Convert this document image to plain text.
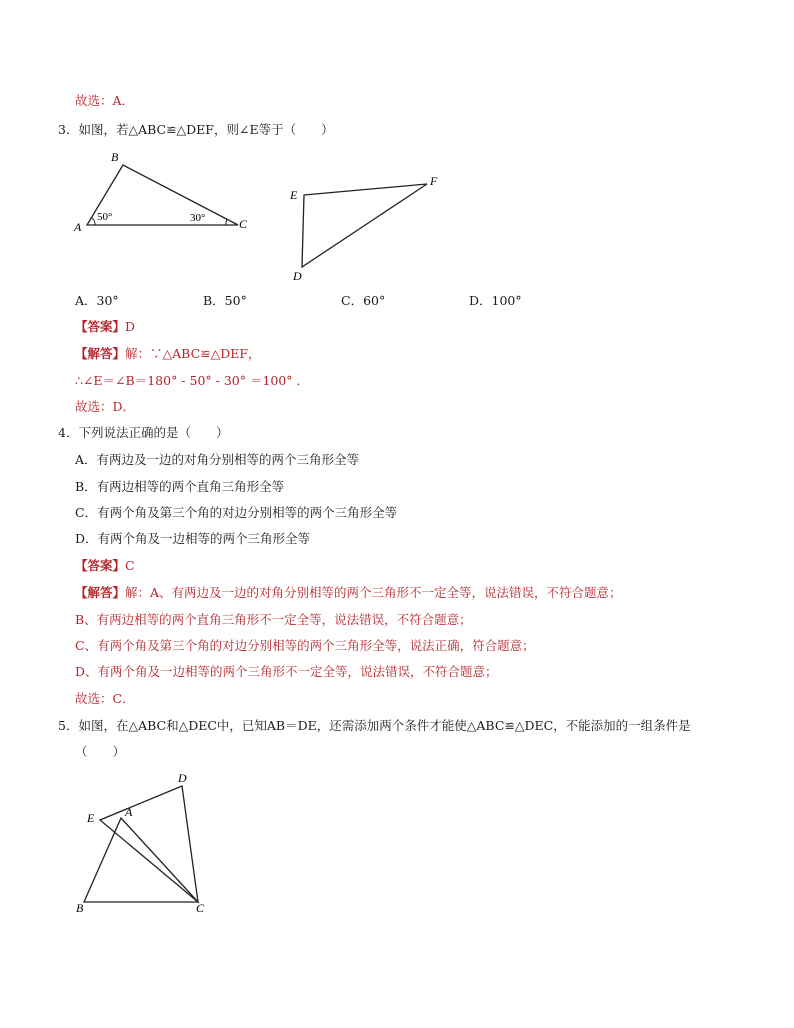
故选：A．
3．如图，若△ABC≌△DEF，则∠E等于（　　）
B
A	C
50°	30°
E
F
D
A．30°	B．50°	C．60°	D．100°
【答案】D
【解答】解：∵△ABC≌△DEF，
∴∠E＝∠B＝180° - 50° - 30° ＝100° ．
故选：D．
4．下列说法正确的是（　　）
A．有两边及一边的对角分别相等的两个三角形全等
B．有两边相等的两个直角三角形全等
C．有两个角及第三个角的对边分别相等的两个三角形全等
D．有两个角及一边相等的两个三角形全等
【答案】C
【解答】解：A、有两边及一边的对角分别相等的两个三角形不一定全等，说法错误，不符合题意；
B、有两边相等的两个直角三角形不一定全等，说法错误，不符合题意；
C、有两个角及第三个角的对边分别相等的两个三角形全等，说法正确，符合题意；
D、有两个角及一边相等的两个三角形不一定全等，说法错误，不符合题意；
故选：C．
5．如图，在△ABC和△DEC中，已知AB＝DE，还需添加两个条件才能使△ABC≌△DEC，不能添加的一组条件是
（　　）
D
E	A
B	C
